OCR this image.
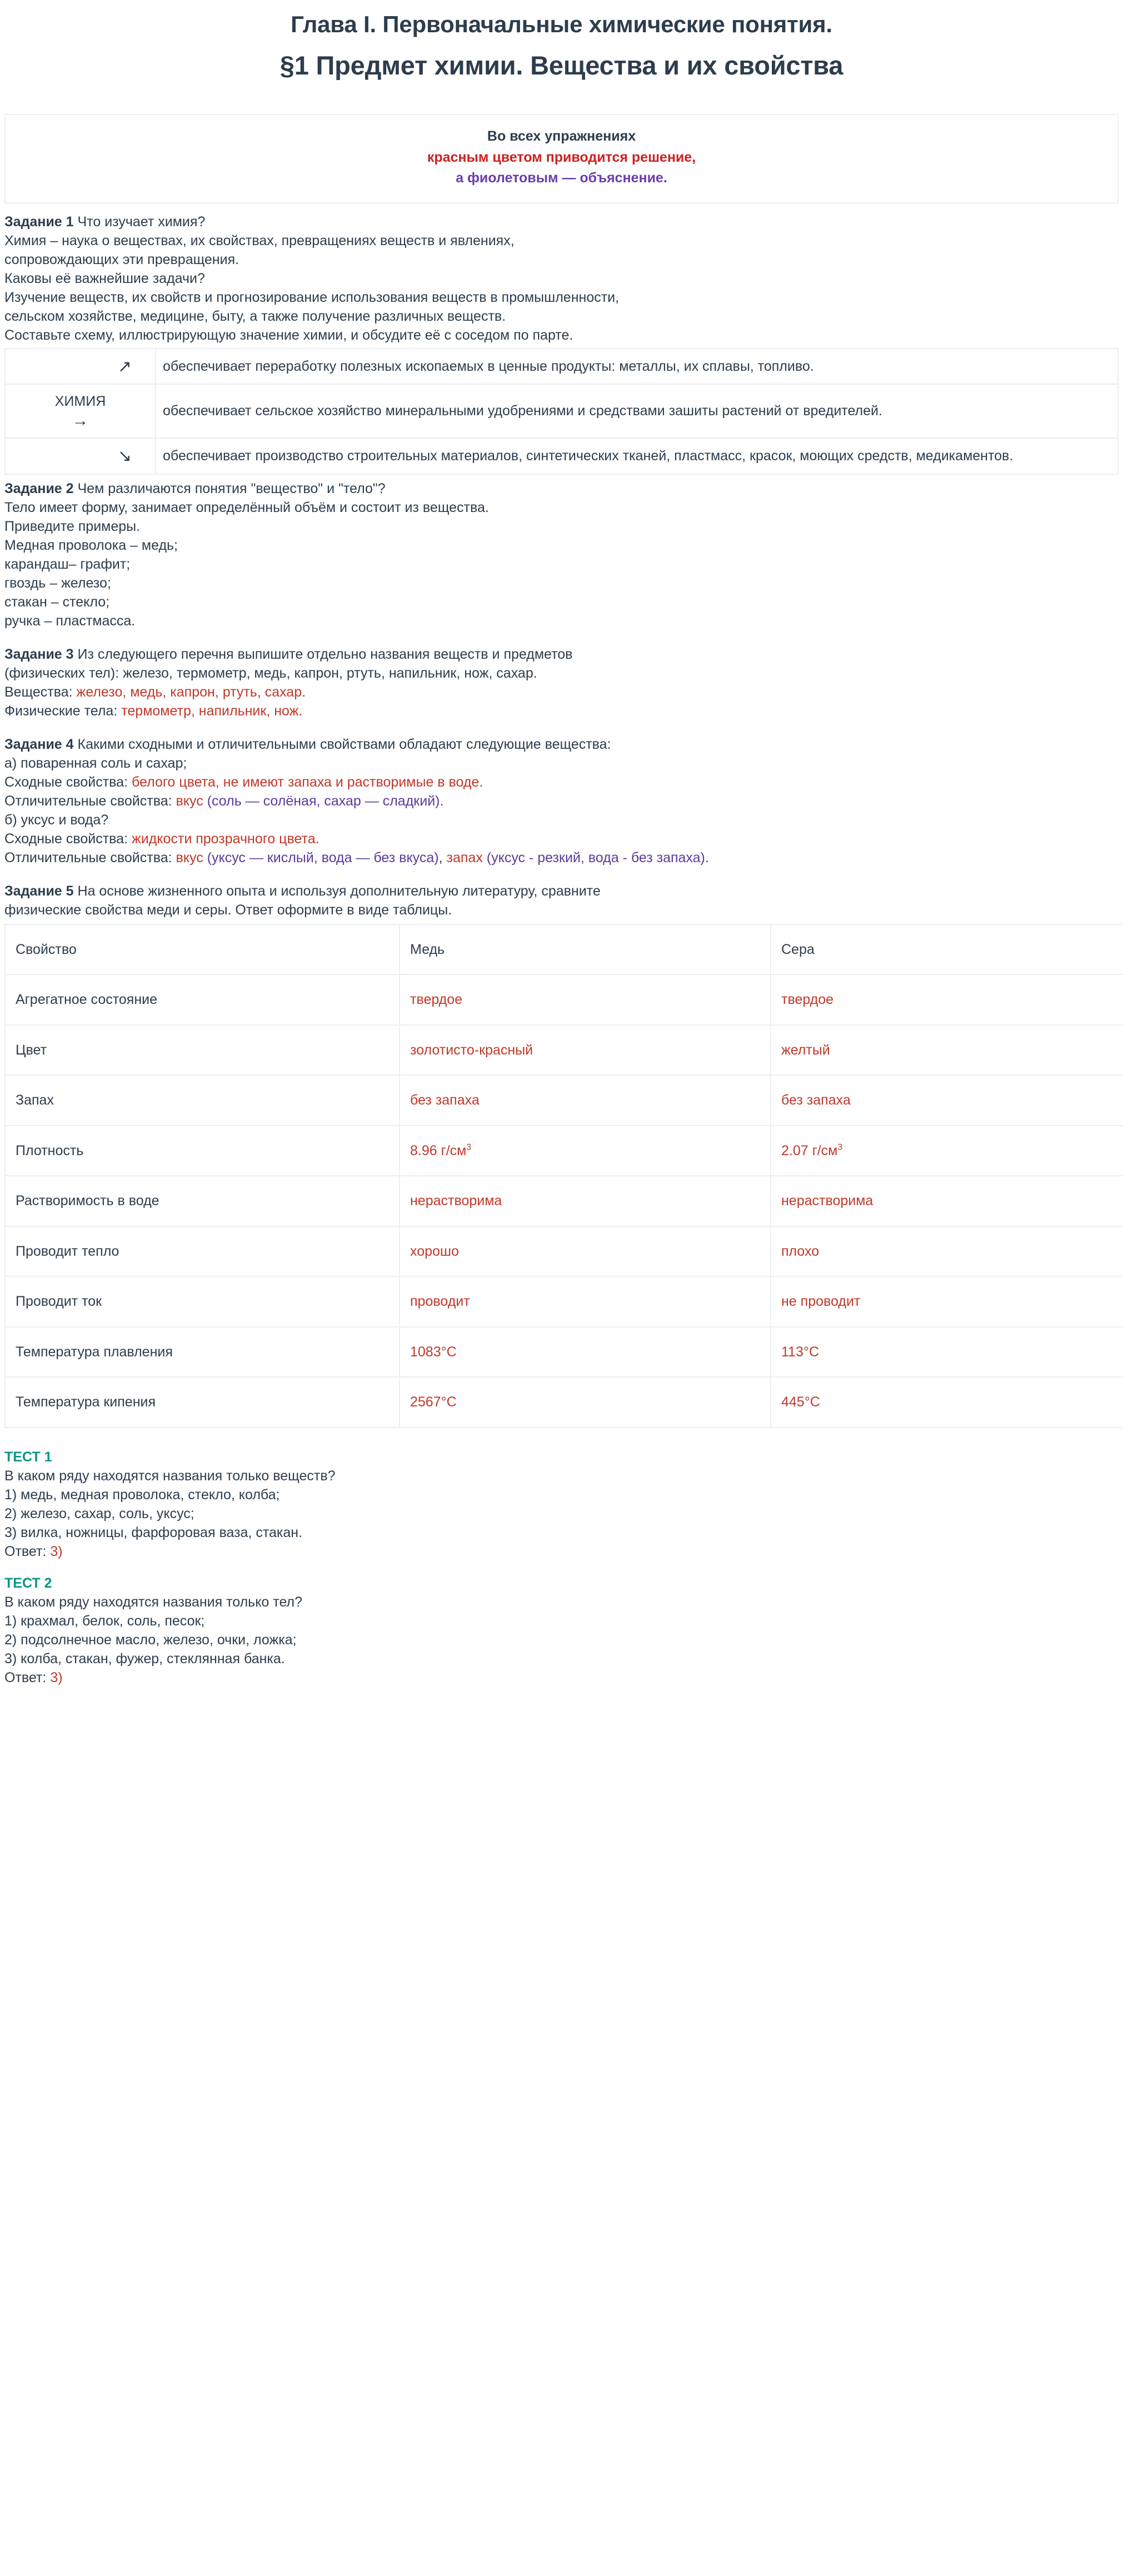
Глава I. Первоначальные химические понятия.
§1 Предмет химии. Вещества и их свойства
Во всех упражнениях
красным цветом приводится решение,
а фиолетовым — объяснение.

Задание 1 Что изучает химия?

Химия – наука о веществах, их свойствах, превращениях веществ и явлениях,

сопровождающих эти превращения.

Каковы её важнейшие задачи?

Изучение веществ, их свойств и прогнозирование использования веществ в промышленности,

сельском хозяйстве, медицине, быту, а также получение различных веществ.

Составьте схему, иллюстрирующую значение химии, и обсудите её с соседом по парте.

↗	обеспечивает переработку полезных ископаемых в ценные продукты: металлы, их сплавы, топливо.

ХИМИЯ
→	обеспечивает сельское хозяйство минеральными удобрениями и средствами зашиты растений от вредителей.

↘	обеспечивает производство строительных материалов, синтетических тканей, пластмасс, красок, моющих средств, медикаментов.

Задание 2 Чем различаются понятия "вещество" и "тело"?

Тело имеет форму, занимает определённый объём и состоит из вещества.

Приведите примеры.

Медная проволока – медь;

карандаш– графит;

гвоздь – железо;

стакан – стекло;

ручка – пластмасса.

Задание 3 Из следующего перечня выпишите отдельно названия веществ и предметов

(физических тел): железо, термометр, медь, капрон, ртуть, напильник, нож, сахар.

Вещества: железо, медь, капрон, ртуть, сахар.

Физические тела: термометр, напильник, нож.

Задание 4 Какими сходными и отличительными свойствами обладают следующие вещества:

а) поваренная соль и сахар;

Сходные свойства: белого цвета, не имеют запаха и растворимые в воде.

Отличительные свойства: вкус (соль — солёная, сахар — сладкий).

б) уксус и вода?

Сходные свойства: жидкости прозрачного цвета.

Отличительные свойства: вкус (уксус — кислый, вода — без вкуса), запах (уксус - резкий, вода - без запаха).

Задание 5 На основе жизненного опыта и используя дополнительную литературу, сравните

физические свойства меди и серы. Ответ оформите в виде таблицы.

Свойство	Медь	Сера
Агрегатное состояние	твердое	твердое
Цвет	золотисто-красный	желтый
Запах	без запаха	без запаха
Плотность	8.96 $г/см^3$	2.07 $г/см^3$
Растворимость в воде	нерастворима	нерастворима
Проводит тепло	хорошо	плохо
Проводит ток	проводит	не проводит
Температура плавления	1083°С	113°С
Температура кипения	2567°С	445°С

ТЕСТ 1

В каком ряду находятся названия только веществ?

1) медь, медная проволока, стекло, колба;

2) железо, сахар, соль, уксус;

3) вилка, ножницы, фарфоровая ваза, стакан.

Ответ: 3)

ТЕСТ 2

В каком ряду находятся названия только тел?

1) крахмал, белок, соль, песок;

2) подсолнечное масло, железо, очки, ложка;

3) колба, стакан, фужер, стеклянная банка.

Ответ: 3)
